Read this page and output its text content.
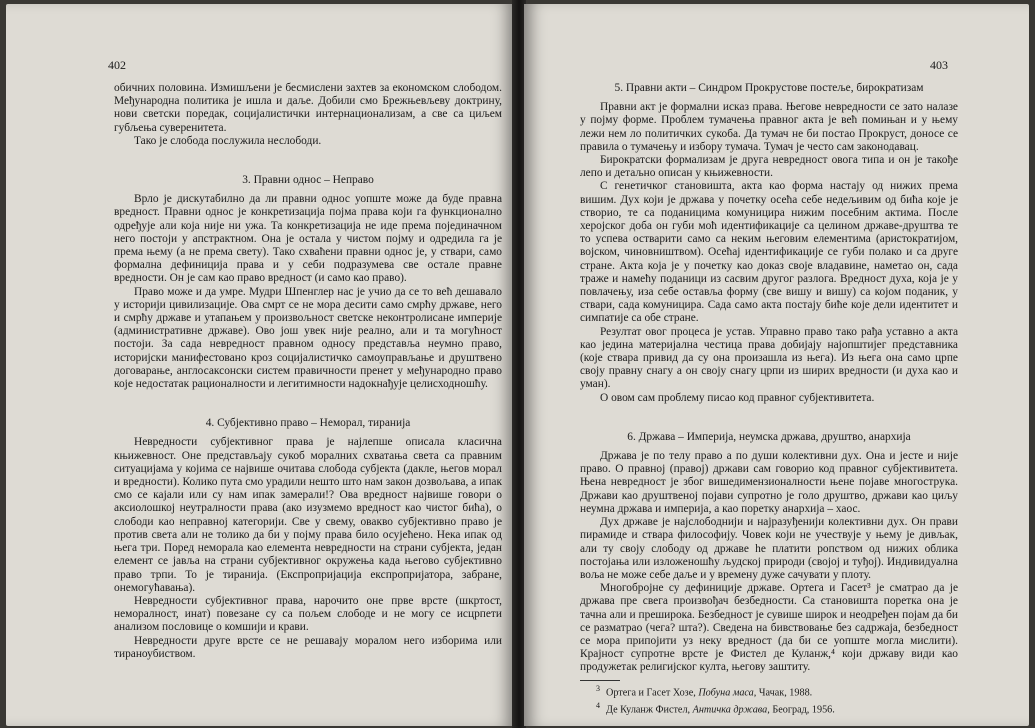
402

обичних половина. Измишљени је бесмислени захтев за економском слободом. Међународна политика је ишла и даље. Добили смо Брежњевљеву доктрину, нови светски поредак, социјалистички интернационализам, а све са циљем губљења суверенитета.

Тако је слобода послужила неслободи.

3. Правни однос – Неправо

Врло је дискутабилно да ли правни однос уопште може да буде правна вредност. Правни однос је конкретизација појма права који га функционално одређује али која није ни ужа. Та конкретизација не иде према појединачном него постоји у апстрактном. Она је остала у чистом појму и одредила га је према њему (а не према свету). Тако схваћени правни однос је, у ствари, само формална дефиниција права и у себи подразумева све остале правне вредности. Он је сам као право вредност (и само као право).

Право може и да умре. Мудри Шпенглер нас је учио да се то већ дешавало у историји цивилизације. Ова смрт се не мора десити само смрћу државе, него и смрћу државе и утапањем у произвољност светске неконтролисане империје (административне државе). Ово још увек није реално, али и та могућност постоји. За сада невредност правном односу представља неумно право, историјски манифестовано кроз социјалистичко самоуправљање и друштвено договарање, англосаксонски систем правичности пренет у међународно право које недостатак рационалности и легитимности надокнађује целисходношћу.

4. Субјективно право – Неморал, тиранија

Невредности субјективног права је најлепше описала класична књижевност. Оне представљају сукоб моралних схватања света са правним ситуацијама у којима се највише очитава слобода субјекта (дакле, његов морал и вредности). Колико пута смо урадили нешто што нам закон дозвољава, а ипак смо се кајали или су нам ипак замерали!? Ова вредност највише говори о аксиолошкој неутралности права (ако изузмемо вредност као чистог бића), о слободи као неправној категорији. Све у свему, овакво субјективно право је против света али не толико да би у појму права било осујећено. Нека ипак од њега три. Поред неморала као елемента невредности на страни субјекта, један елемент се јавља на страни субјективног окружења када његово субјективно право трпи. То је тиранија. (Експропријација експропријатора, забране, онемогућавања).

Невредности субјективног права, нарочито оне прве врсте (шкртост, неморалност, инат) повезане су са пољем слободе и не могу се исцрпети анализом пословице о комшији и крави.

Невредности друге врсте се не решавају моралом него изборима или тираноубиством.

403

5. Правни акти – Синдром Прокрустове постеље, бирократизам

Правни акт је формални исказ права. Његове невредности се зато налазе у појму форме. Проблем тумачења правног акта је већ помињан и у њему лежи нем ло политичких сукоба. Да тумач не би постао Прокруст, доносе се правила о тумачењу и избору тумача. Тумач је често сам законодавац.

Бирократски формализам је друга невредност овога типа и он је такође лепо и детаљно описан у књижевности.

С генетичког становишта, акта као форма настају од нижих према вишим. Дух који је држава у почетку осећа себе недељивим од бића које је створио, те са поданицима комуницира нижим посебним актима. После херојског доба он губи моћ идентификације са целином државе-друштва те то успева остварити само са неким његовим елементима (аристократијом, војском, чиновништвом). Осећај идентификације се губи полако и са друге стране. Акта која је у почетку као доказ своје владавине, наметао он, сада траже и намећу поданици из сасвим другог разлога. Вредност духа, која је у повлачењу, иза себе оставља форму (све вишу и вишу) са којом поданик, у ствари, сада комуницира. Сада само акта постају биће које дели идентитет и симпатије са обе стране.

Резултат овог процеса је устав. Управно право тако рађа уставно а акта као једина материјална честица права добијају најопштијег представника (које ствара привид да су она произашла из њега). Из њега она само црпе своју правну снагу а он своју снагу црпи из ширих вредности (и духа као и уман).

О овом сам проблему писао код правног субјективитета.

6. Држава – Империја, неумска држава, друштво, анархија

Држава је по телу право а по души колективни дух. Она и јесте и није право. О правној (правој) држави сам говорио код правног субјективитета. Њена невредност је због вишедимензионалности њене појаве многострука. Држави као друштвеној појави супротно је голо друштво, држави као циљу неумна држава и империја, а као поретку анархија – хаос.

Дух државе је најслободнији и најразуђенији колективни дух. Он прави пирамиде и ствара философију. Човек који не учествује у њему је дивљак, али ту своју слободу од државе he платити ропством од нижих облика постојања или изложеношћу људској природи (својој и туђој). Индивидуална воља не може себе даље и у времену дуже сачувати у плоту.

Многобројне су дефиниције државе. Ортега и Гасет³ је сматрао да је држава пре свега произвођач безбедности. Са становишта поретка она је тачна али и преширока. Безбедност је сувише широк и неодређен појам да би се разматрао (чега? шта?). Сведена на бивствовање без садржаја, безбедност се мора припојити уз неку вредност (да би се уопште могла мислити). Крајност супротне врсте је Фистел де Куланж,⁴ који државу види као продужетак религијског култа, његову заштиту.

$^3$ Ортега и Гасет Хозе, Побуна маса, Чачак, 1988.

$^4$ Де Куланж Фистел, Античка држава, Београд, 1956.
